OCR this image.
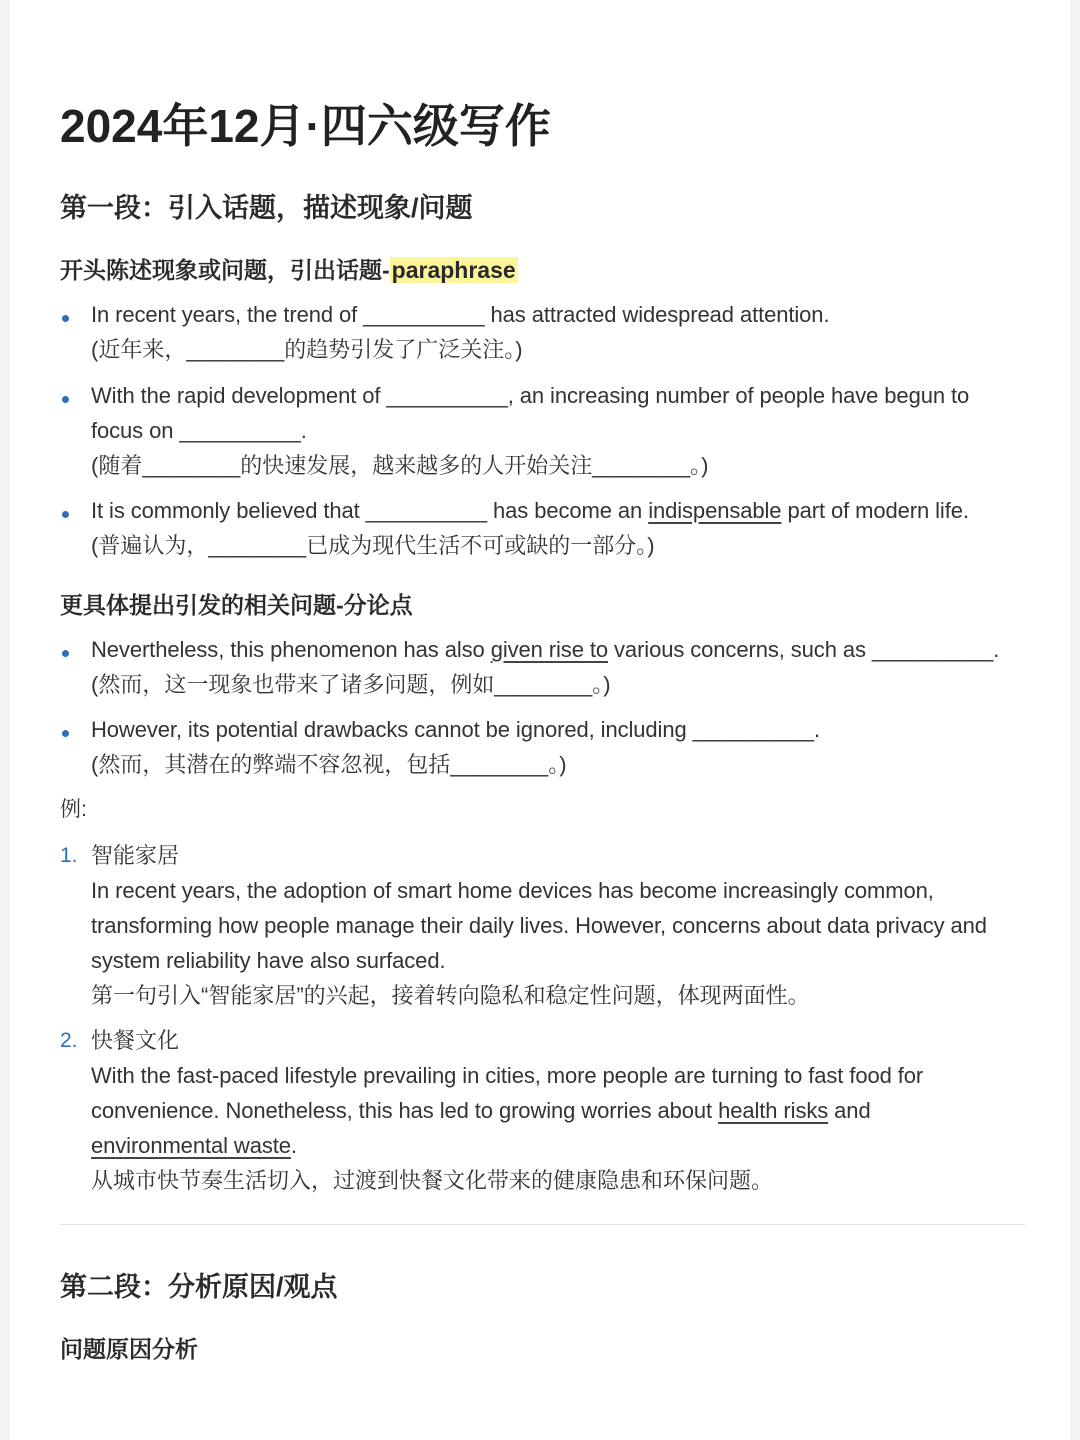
2024年12月·四六级写作
第一段：引入话题，描述现象/问题
开头陈述现象或问题，引出话题-paraphrase

In recent years, the trend of __________ has attracted widespread attention.

(近年来，________的趋势引发了广泛关注。)

With the rapid development of __________, an increasing number of people have begun to focus on __________.

(随着________的快速发展，越来越多的人开始关注________。)

It is commonly believed that __________ has become an indispensable part of modern life.

(普遍认为，________已成为现代生活不可或缺的一部分。)

更具体提出引发的相关问题-分论点

Nevertheless, this phenomenon has also given rise to various concerns, such as __________.

(然而，这一现象也带来了诸多问题，例如________。)

However, its potential drawbacks cannot be ignored, including __________.

(然而，其潜在的弊端不容忽视，包括________。)

例:
1. 智能家居

In recent years, the adoption of smart home devices has become increasingly common, transforming how people manage their daily lives. However, concerns about data privacy and system reliability have also surfaced.

第一句引入“智能家居”的兴起，接着转向隐私和稳定性问题，体现两面性。

2. 快餐文化

With the fast-paced lifestyle prevailing in cities, more people are turning to fast food for convenience. Nonetheless, this has led to growing worries about health risks and environmental waste.

从城市快节奏生活切入，过渡到快餐文化带来的健康隐患和环保问题。

第二段：分析原因/观点
问题原因分析
